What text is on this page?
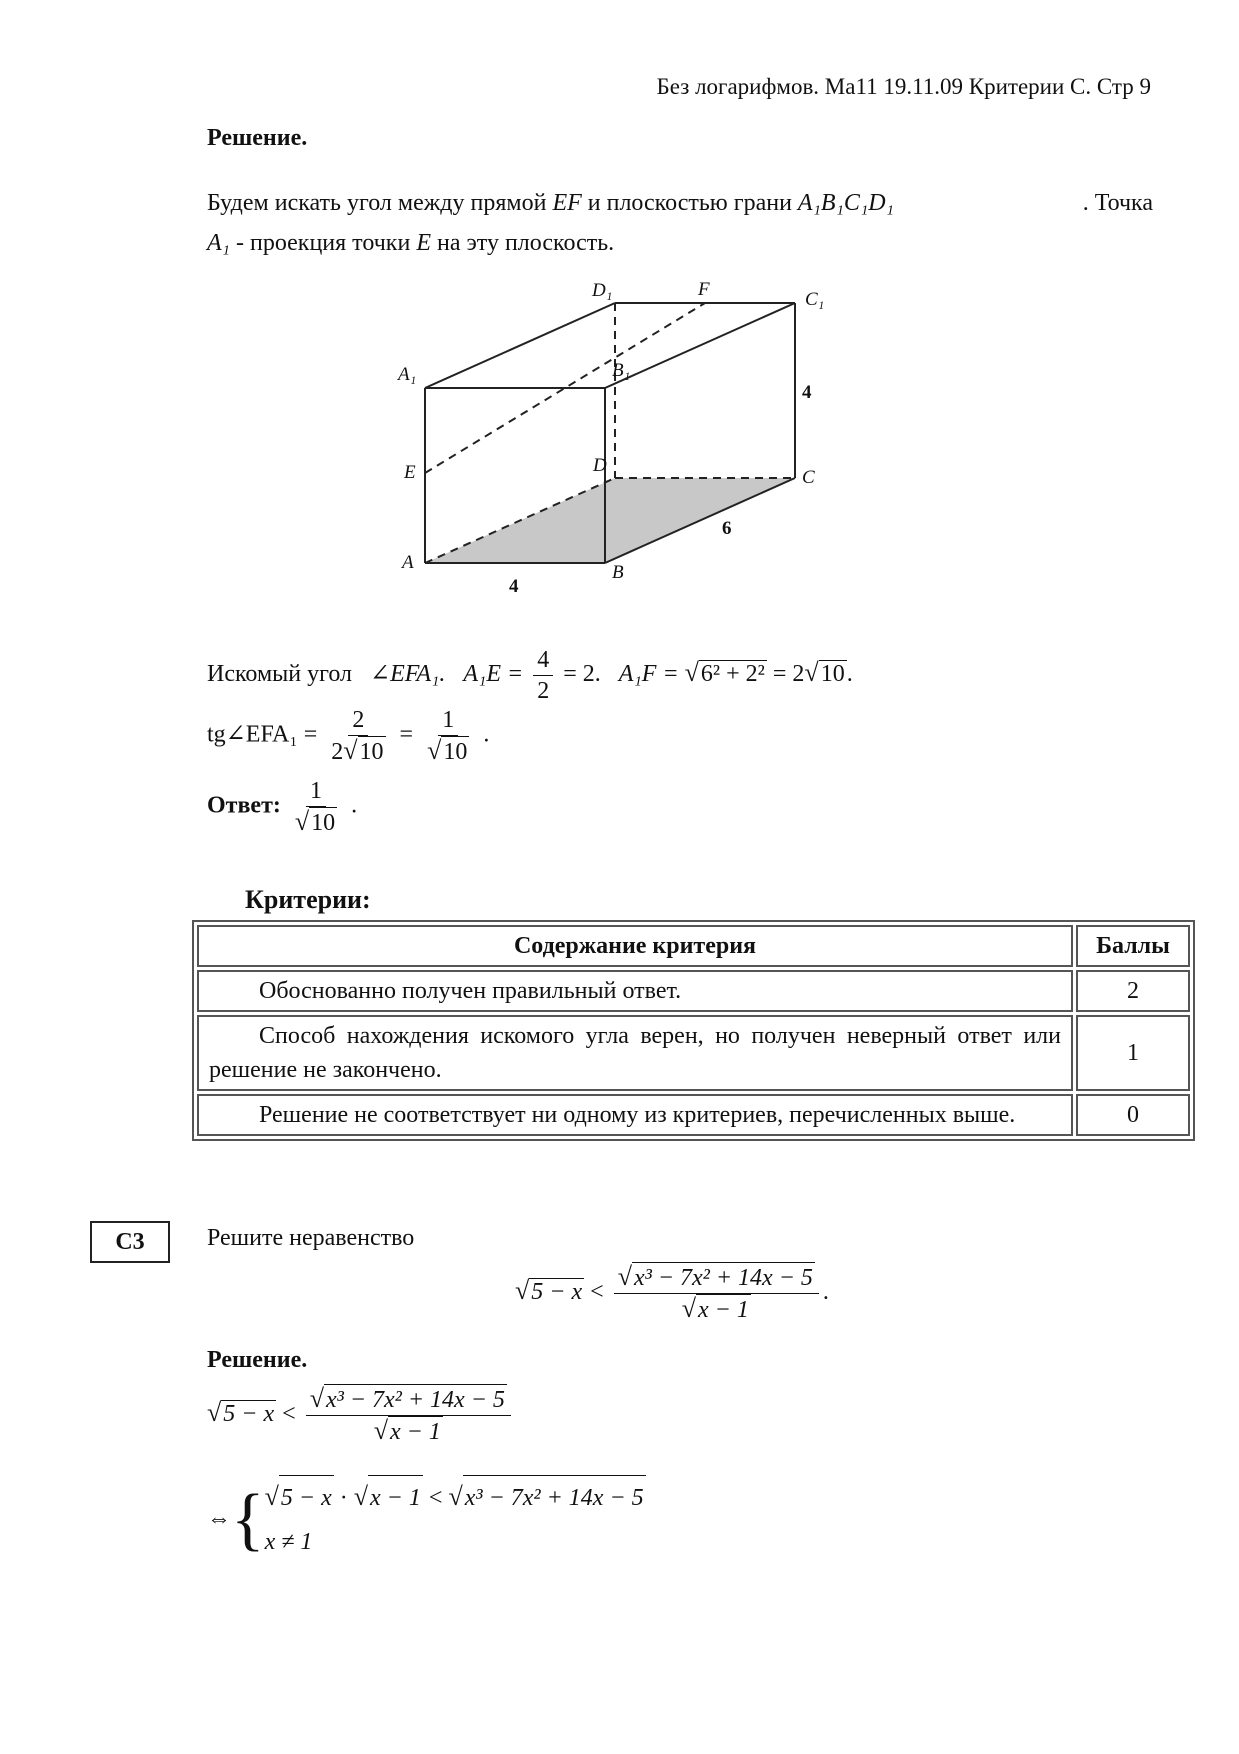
Без логарифмов. Ма11 19.11.09 Критерии С. Стр 9
Решение.
Будем искать угол между прямой EF и плоскостью грани A₁B₁C₁D₁	. Точка
A₁ - проекция точки E на эту плоскость.
D₁	F	C₁
A₁	B₁
E	D
C
A	B
4
6
4
Искомый угол ∠EFA₁. $A_1E = \frac{4}{2} = 2$. A₁F = √6² + 2² = 2√10.
tg∠EFA₁ = $\frac{2}{2√10} = \frac{1}{√10}$ .
Ответ: $\frac{1}{√10}$ .
Критерии:
Содержание критерия	Баллы
Обоснованно получен правильный ответ.	2
Способ нахождения искомого угла верен, но получен неверный ответ или решение не закончено.	1
Решение не соответствует ни одному из критериев, перечисленных выше.	0
С3	Решите неравенство
$√5 - x < \frac{\text{√x³ − 7x² + 14x − 5}}{√x - 1}$ .
Решение.
$√5 - x < \frac{\text{√x³ − 7x² + 14x − 5}}{√x - 1}$
⇔ { √5 − x · √x − 1 < √x³ − 7x² + 14x − 5
x ≠ 1
